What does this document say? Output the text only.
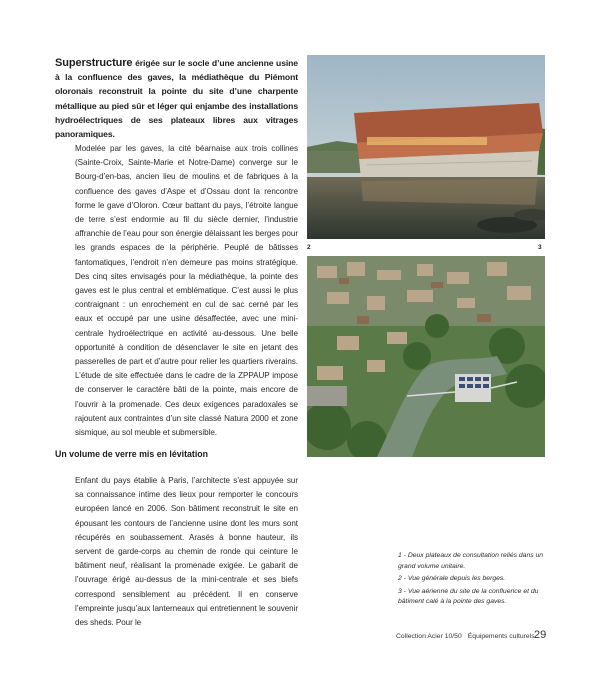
Superstructure érigée sur le socle d’une ancienne usine à la confluence des gaves, la médiathèque du Piémont oloronais reconstruit la pointe du site d’une charpente métallique au pied sûr et léger qui enjambe des installations hydroélectriques de ses plateaux libres aux vitrages panoramiques.

Modelée par les gaves, la cité béarnaise aux trois collines (Sainte-Croix, Sainte-Marie et Notre-Dame) converge sur le Bourg-d’en-bas, ancien lieu de moulins et de fabriques à la confluence des gaves d’Aspe et d’Ossau dont la rencontre forme le gave d’Oloron. Cœur battant du pays, l’étroite langue de terre s’est endormie au fil du siècle dernier, l’industrie affranchie de l’eau pour son énergie délaissant les berges pour les grands espaces de la périphérie. Peuplé de bâtisses fantomatiques, l’endroit n’en demeure pas moins stratégique. Des cinq sites envisagés pour la médiathèque, la pointe des gaves est le plus central et emblématique. C’est aussi le plus contraignant : un enrochement en cul de sac cerné par les eaux et occupé par une usine désaffectée, avec une mini-centrale hydroélectrique en activité au-dessous. Une belle opportunité à condition de désenclaver le site en jetant des passerelles de part et d’autre pour relier les quartiers riverains. L’étude de site effectuée dans le cadre de la ZPPAUP impose de conserver le caractère bâti de la pointe, mais encore de l’ouvrir à la promenade. Ces deux exigences paradoxales se rajoutent aux contraintes d’un site classé Natura 2000 et zone sismique, au sol meuble et submersible.

Un volume de verre mis en lévitation

Enfant du pays établie à Paris, l’architecte s’est appuyée sur sa connaissance intime des lieux pour remporter le concours européen lancé en 2006. Son bâtiment reconstruit le site en épousant les contours de l’ancienne usine dont les murs sont récupérés en soubassement. Arasés à bonne hauteur, ils servent de garde-corps au chemin de ronde qui ceinture le bâtiment neuf, réalisant la promenade exigée. Le gabarit de l’ouvrage érigé au-dessus de la mini-centrale et ses biefs correspond sensiblement au précédent. Il en conserve l’empreinte jusqu’aux lanterneaux qui entretiennent le souvenir des sheds. Pour le

2	3
1 - Deux plateaux de consultation reliés dans un grand volume unitaire.
2 - Vue générale depuis les berges.
3 - Vue aérienne du site de la confluence et du bâtiment calé à la pointe des gaves.
Collection Acier 10/50 Équipements culturels 29
